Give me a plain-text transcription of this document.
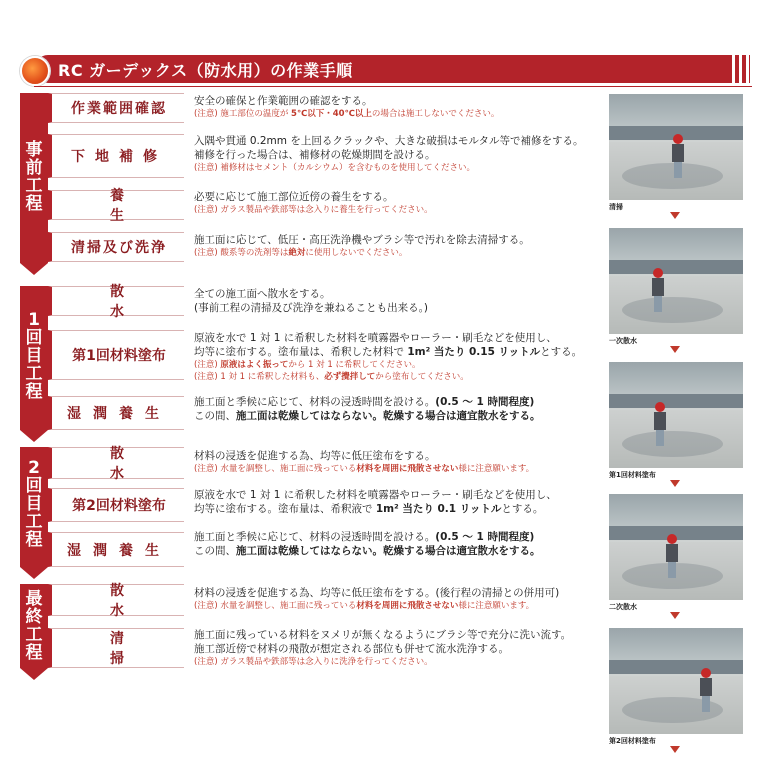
RC ガーデックス（防水用）の作業手順
事
前
工
程
1
回
目
工
程
2
回
目
工
程
最
終
工
程
作業範囲確認
下地補修
養生
清掃及び洗浄
散水
第1回材料塗布
湿潤養生
散水
第2回材料塗布
湿潤養生
散水
清掃
安全の確保と作業範囲の確認をする。
(注意) 施工部位の温度が 5℃以下・40℃以上の場合は施工しないでください。
入隅や貫通 0.2mm を上回るクラックや、大きな破損はモルタル等で補修をする。
補修を行った場合は、補修材の乾燥期間を設ける。
(注意) 補修材はセメント（カルシウム）を含むものを使用してください。
必要に応じて施工部位近傍の養生をする。
(注意) ガラス製品や鉄部等は念入りに養生を行ってください。
施工面に応じて、低圧・高圧洗浄機やブラシ等で汚れを除去清掃する。
(注意) 酸系等の洗剤等は絶対に使用しないでください。
全ての施工面へ散水をする。
(事前工程の清掃及び洗浄を兼ねることも出来る。)
原液を水で 1 対 1 に希釈した材料を噴霧器やローラー・刷毛などを使用し、
均等に塗布する。塗布量は、希釈した材料で 1m² 当たり 0.15 リットルとする。
(注意) 原液はよく振ってから 1 対 1 に希釈してください。
(注意) 1 対 1 に希釈した材料も、必ず攪拌してから塗布してください。
施工面と季候に応じて、材料の浸透時間を設ける。(0.5 ～ 1 時間程度)
この間、施工面は乾燥してはならない。乾燥する場合は適宜散水をする。
材料の浸透を促進する為、均等に低圧塗布をする。
(注意) 水量を調整し、施工面に残っている材料を周囲に飛散させない様に注意願います。
原液を水で 1 対 1 に希釈した材料を噴霧器やローラー・刷毛などを使用し、
均等に塗布する。塗布量は、希釈液で 1m² 当たり 0.1 リットルとする。
施工面と季候に応じて、材料の浸透時間を設ける。(0.5 ～ 1 時間程度)
この間、施工面は乾燥してはならない。乾燥する場合は適宜散水をする。
材料の浸透を促進する為、均等に低圧塗布をする。(後行程の清掃との併用可)
(注意) 水量を調整し、施工面に残っている材料を周囲に飛散させない様に注意願います。
施工面に残っている材料をヌメリが無くなるようにブラシ等で充分に洗い流す。
施工部近傍で材料の飛散が想定される部位も併せて流水洗浄する。
(注意) ガラス製品や鉄部等は念入りに洗浄を行ってください。
清掃
一次散水
第1回材料塗布
二次散水
第2回材料塗布
